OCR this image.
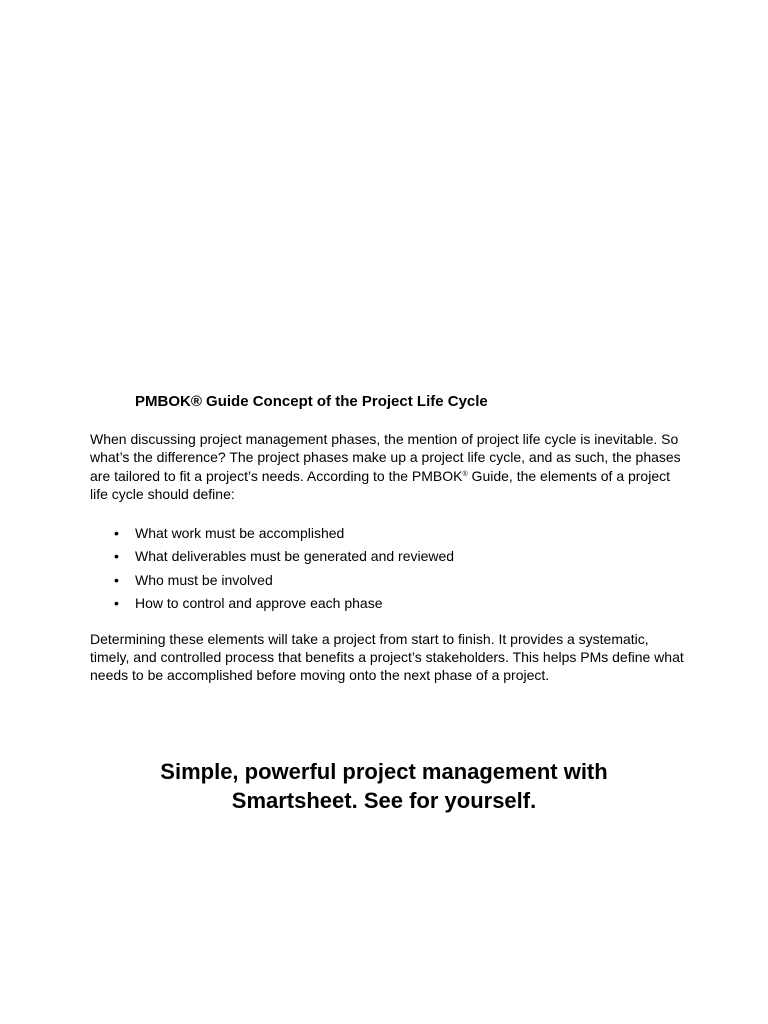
PMBOK® Guide Concept of the Project Life Cycle
When discussing project management phases, the mention of project life cycle is inevitable. So what’s the difference? The project phases make up a project life cycle, and as such, the phases are tailored to fit a project’s needs. According to the PMBOK® Guide, the elements of a project life cycle should define:
• What work must be accomplished
• What deliverables must be generated and reviewed
• Who must be involved
• How to control and approve each phase
Determining these elements will take a project from start to finish. It provides a systematic, timely, and controlled process that benefits a project’s stakeholders. This helps PMs define what needs to be accomplished before moving onto the next phase of a project.
Simple, powerful project management with Smartsheet. See for yourself.
